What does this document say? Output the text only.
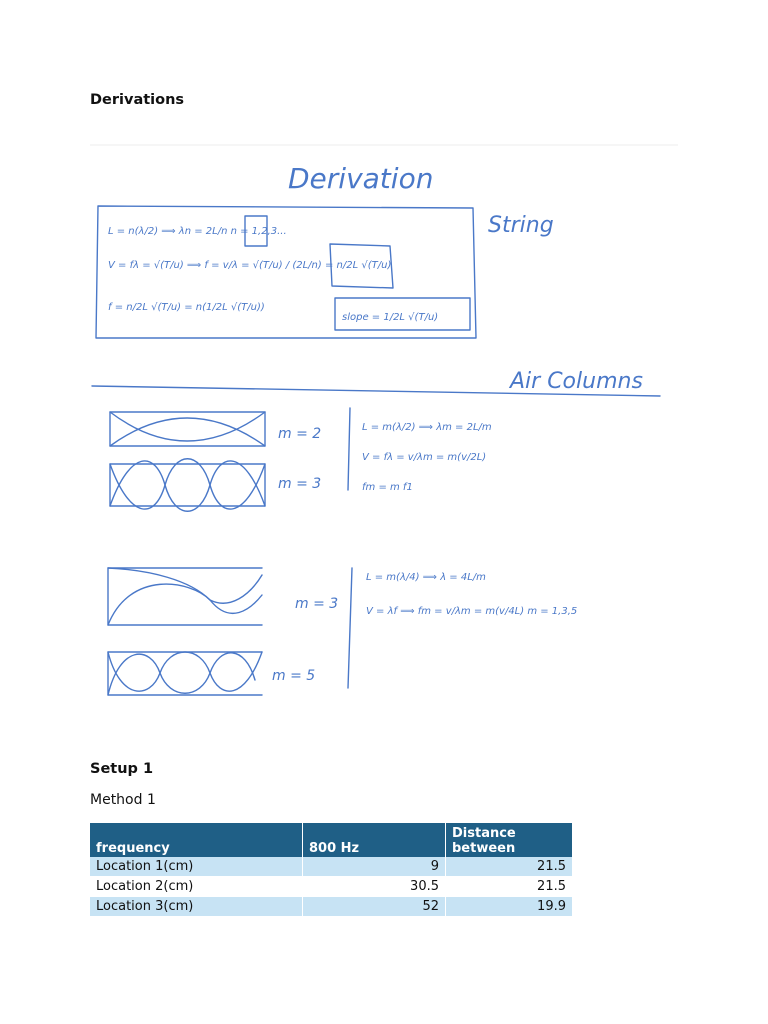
Derivations
Derivation
String
L = n(λ/2) ⟹ λn = 2L/n n = 1,2,3...
V = fλ = √(T/u) ⟹ f = v/λ = √(T/u) / (2L/n) = n/2L √(T/u)
f = n/2L √(T/u) = n(1/2L √(T/u))
slope = 1/2L √(T/u)
Air Columns
m = 2
m = 3
L = m(λ/2) ⟹ λm = 2L/m
V = fλ = v/λm = m(v/2L)
fm = m f1
m = 3
m = 5
L = m(λ/4) ⟹ λ = 4L/m
V = λf ⟹ fm = v/λm = m(v/4L) m = 1,3,5
Setup 1
Method 1
frequency	800 Hz	Distance between
Location 1(cm)	9	21.5
Location 2(cm)	30.5	21.5
Location 3(cm)	52	19.9
